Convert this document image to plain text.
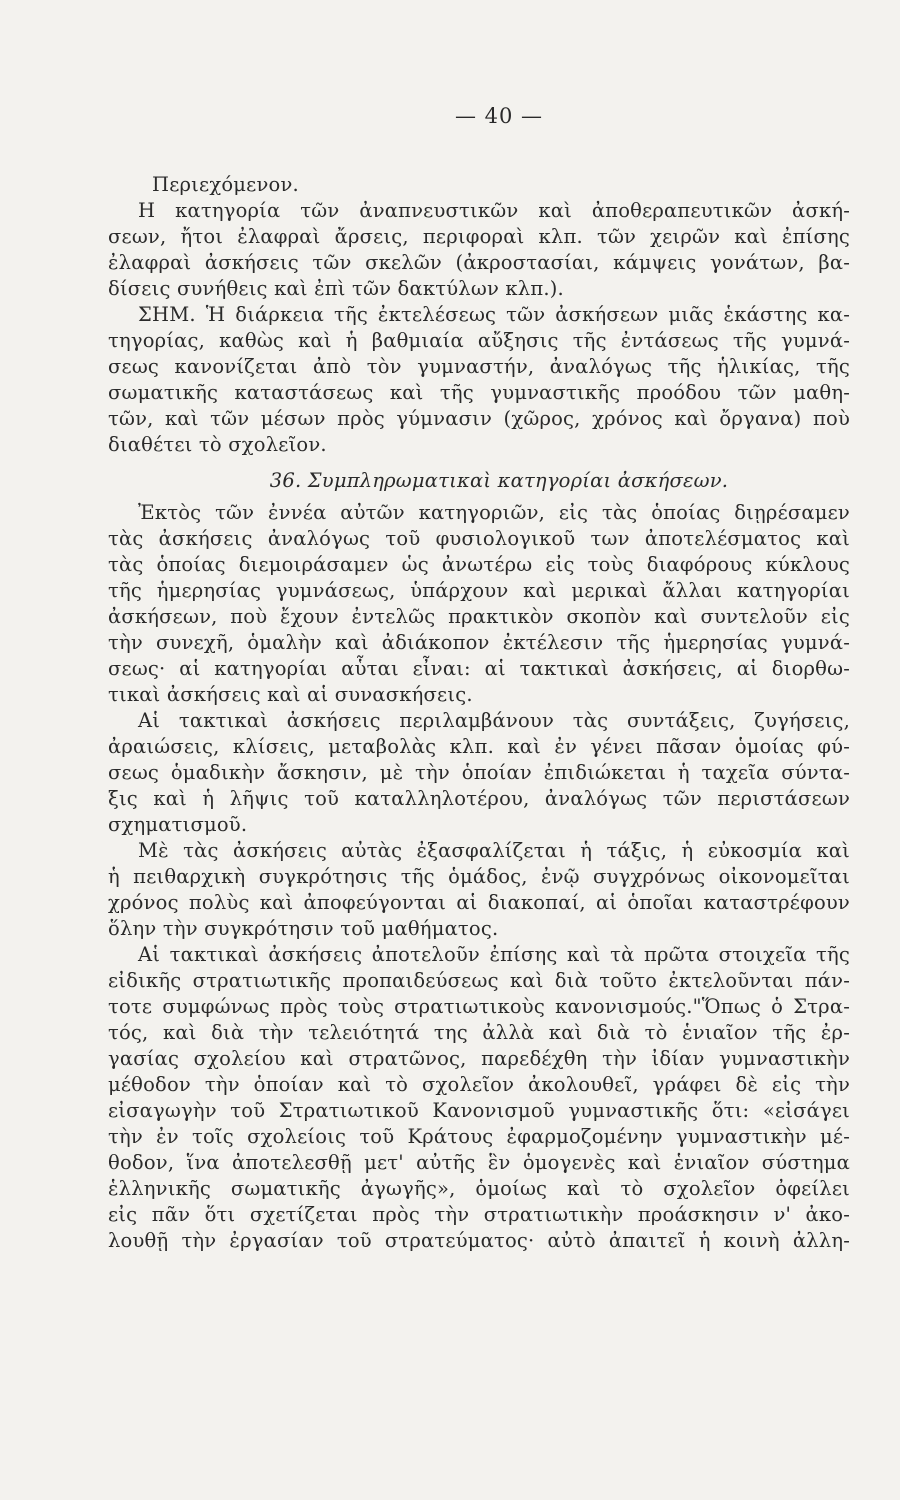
— 40 —
Περιεχόμενον.
Η κατηγορία τῶν ἀναπνευστικῶν καὶ ἀποθεραπευτικῶν ἀσκή-
σεων, ἤτοι ἐλαφραὶ ἄρσεις, περιφοραὶ κλπ. τῶν χειρῶν καὶ ἐπίσης
ἐλαφραὶ ἀσκήσεις τῶν σκελῶν (ἀκροστασίαι, κάμψεις γονάτων, βα-
δίσεις συνήθεις καὶ ἐπὶ τῶν δακτύλων κλπ.).
ΣΗΜ. Ἡ διάρκεια τῆς ἐκτελέσεως τῶν ἀσκήσεων μιᾶς ἑκάστης κα-
τηγορίας, καθὼς καὶ ἡ βαθμιαία αὔξησις τῆς ἐντάσεως τῆς γυμνά-
σεως κανονίζεται ἀπὸ τὸν γυμναστήν, ἀναλόγως τῆς ἡλικίας, τῆς
σωματικῆς καταστάσεως καὶ τῆς γυμναστικῆς προόδου τῶν μαθη-
τῶν, καὶ τῶν μέσων πρὸς γύμνασιν (χῶρος, χρόνος καὶ ὄργανα) ποὺ
διαθέτει τὸ σχολεῖον.
36. Συμπληρωματικαὶ κατηγορίαι ἀσκήσεων.
Ἐκτὸς τῶν ἐννέα αὐτῶν κατηγοριῶν, εἰς τὰς ὁποίας διῃρέσαμεν
τὰς ἀσκήσεις ἀναλόγως τοῦ φυσιολογικοῦ των ἀποτελέσματος καὶ
τὰς ὁποίας διεμοιράσαμεν ὡς ἀνωτέρω εἰς τοὺς διαφόρους κύκλους
τῆς ἡμερησίας γυμνάσεως, ὑπάρχουν καὶ μερικαὶ ἄλλαι κατηγορίαι
ἀσκήσεων, ποὺ ἔχουν ἐντελῶς πρακτικὸν σκοπὸν καὶ συντελοῦν εἰς
τὴν συνεχῆ, ὁμαλὴν καὶ ἀδιάκοπον ἐκτέλεσιν τῆς ἡμερησίας γυμνά-
σεως· αἱ κατηγορίαι αὗται εἶναι: αἱ τακτικαὶ ἀσκήσεις, αἱ διορθω-
τικαὶ ἀσκήσεις καὶ αἱ συνασκήσεις.
Αἱ τακτικαὶ ἀσκήσεις περιλαμβάνουν τὰς συντάξεις, ζυγήσεις,
ἀραιώσεις, κλίσεις, μεταβολὰς κλπ. καὶ ἐν γένει πᾶσαν ὁμοίας φύ-
σεως ὁμαδικὴν ἄσκησιν, μὲ τὴν ὁποίαν ἐπιδιώκεται ἡ ταχεῖα σύντα-
ξις καὶ ἡ λῆψις τοῦ καταλληλοτέρου, ἀναλόγως τῶν περιστάσεων
σχηματισμοῦ.
Μὲ τὰς ἀσκήσεις αὐτὰς ἐξασφαλίζεται ἡ τάξις, ἡ εὐκοσμία καὶ
ἡ πειθαρχικὴ συγκρότησις τῆς ὁμάδος, ἐνῷ συγχρόνως οἰκονομεῖται
χρόνος πολὺς καὶ ἀποφεύγονται αἱ διακοπαί, αἱ ὁποῖαι καταστρέφουν
ὅλην τὴν συγκρότησιν τοῦ μαθήματος.
Αἱ τακτικαὶ ἀσκήσεις ἀποτελοῦν ἐπίσης καὶ τὰ πρῶτα στοιχεῖα τῆς
εἰδικῆς στρατιωτικῆς προπαιδεύσεως καὶ διὰ τοῦτο ἐκτελοῦνται πάν-
τοτε συμφώνως πρὸς τοὺς στρατιωτικοὺς κανονισμούς."Ὅπως ὁ Στρα-
τός, καὶ διὰ τὴν τελειότητά της ἀλλὰ καὶ διὰ τὸ ἑνιαῖον τῆς ἐρ-
γασίας σχολείου καὶ στρατῶνος, παρεδέχθη τὴν ἰδίαν γυμναστικὴν
μέθοδον τὴν ὁποίαν καὶ τὸ σχολεῖον ἀκολουθεῖ, γράφει δὲ εἰς τὴν
εἰσαγωγὴν τοῦ Στρατιωτικοῦ Κανονισμοῦ γυμναστικῆς ὅτι: «εἰσάγει
τὴν ἐν τοῖς σχολείοις τοῦ Κράτους ἐφαρμοζομένην γυμναστικὴν μέ-
θοδον, ἵνα ἀποτελεσθῇ μετ' αὐτῆς ἓν ὁμογενὲς καὶ ἑνιαῖον σύστημα
ἑλληνικῆς σωματικῆς ἀγωγῆς», ὁμοίως καὶ τὸ σχολεῖον ὀφείλει
εἰς πᾶν ὅτι σχετίζεται πρὸς τὴν στρατιωτικὴν προάσκησιν ν' ἀκο-
λουθῇ τὴν ἐργασίαν τοῦ στρατεύματος· αὐτὸ ἀπαιτεῖ ἡ κοινὴ ἀλλη-
